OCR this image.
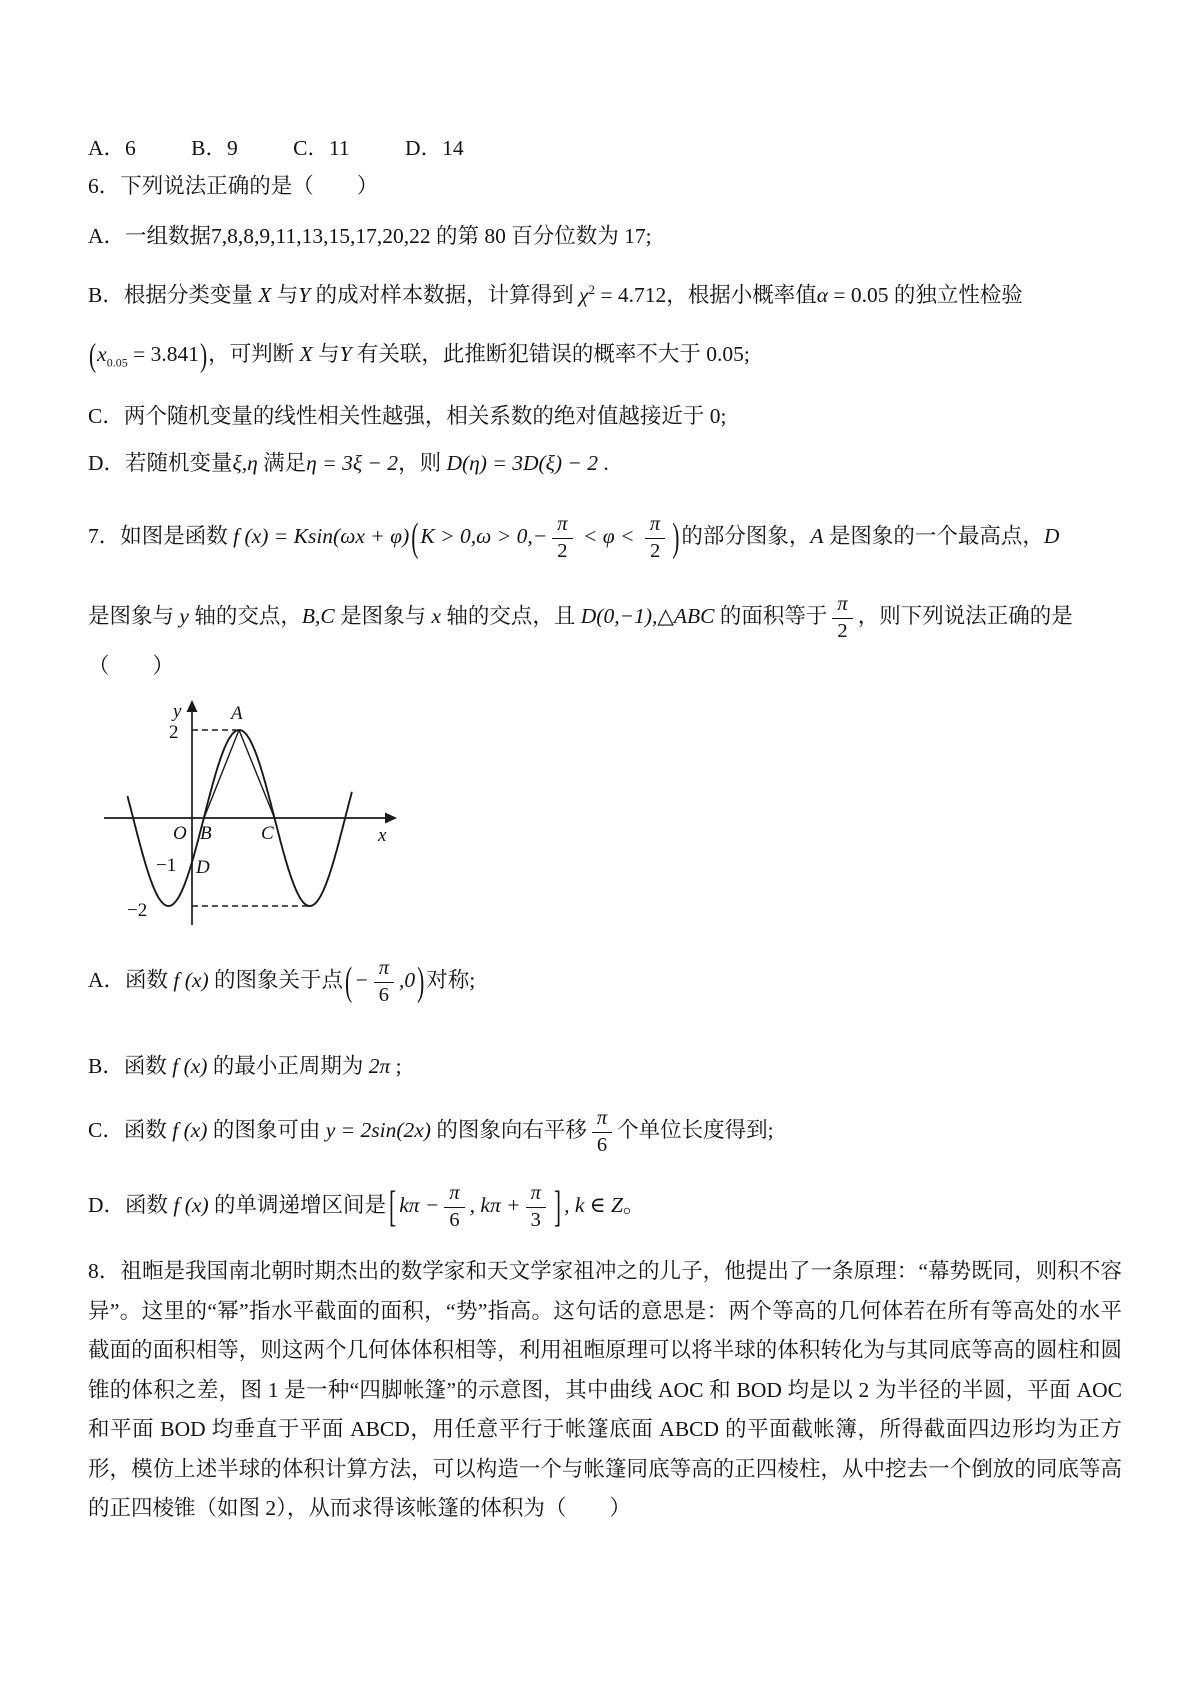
A．6	B．9	C．11	D．14
6．下列说法正确的是（　　）
A．一组数据7,8,8,9,11,13,15,17,20,22 的第 80 百分位数为 17;
B．根据分类变量 X 与Y 的成对样本数据，计算得到 $\chi^2 = 4.712$，根据小概率值α = 0.05 的独立性检验
$(x_{0.05} = 3.841)$，可判断 X 与Y 有关联，此推断犯错误的概率不大于 0.05;
C．两个随机变量的线性相关性越强，相关系数的绝对值越接近于 0;
D．若随机变量ξ,η 满足η = 3ξ − 2，则 D(η) = 3D(ξ) − 2 .
7．如图是函数 f $(x) = Ksin(\omega x + \varphi)(K > 0,\omega > 0,- \frac{\pi}{2} < \varphi < \frac{\pi}{2}$ )的部分图象，A 是图象的一个最高点，D
是图象与 y 轴的交点，B,C 是图象与 x 轴的交点，且 D(0,−1),△ABC 的面积等于 $\frac{\pi}{2}$ ，则下列说法正确的是
（　　）
y
2
A
O B	C	x
−1 D
−2
A．函数 f (x) 的图象关于点(− $\frac{\pi}{6} ,0$)对称;
B．函数 f (x) 的最小正周期为 2π ;
C．函数 f (x) 的图象可由 y = 2sin(2x) 的图象向右平移 $\frac{\pi}{6}$ 个单位长度得到;
D．函数 f (x) 的单调递增区间是 [ $k\pi - \frac{\pi}{6}$ , $k\pi + \frac{\pi}{3}$ ] , k ∈ Z。
8．祖暅是我国南北朝时期杰出的数学家和天文学家祖冲之的儿子，他提出了一条原理：“幕势既同，则积不容
异”。这里的“幂”指水平截面的面积，“势”指高。这句话的意思是：两个等高的几何体若在所有等高处的水平
截面的面积相等，则这两个几何体体积相等，利用祖暅原理可以将半球的体积转化为与其同底等高的圆柱和圆
锥的体积之差，图 1 是一种“四脚帐篷”的示意图，其中曲线 AOC 和 BOD 均是以 2 为半径的半圆，平面 AOC
和平面 BOD 均垂直于平面 ABCD，用任意平行于帐篷底面 ABCD 的平面截帐簿，所得截面四边形均为正方
形，模仿上述半球的体积计算方法，可以构造一个与帐篷同底等高的正四棱柱，从中挖去一个倒放的同底等高
的正四棱锥（如图 2），从而求得该帐篷的体积为（　　）
